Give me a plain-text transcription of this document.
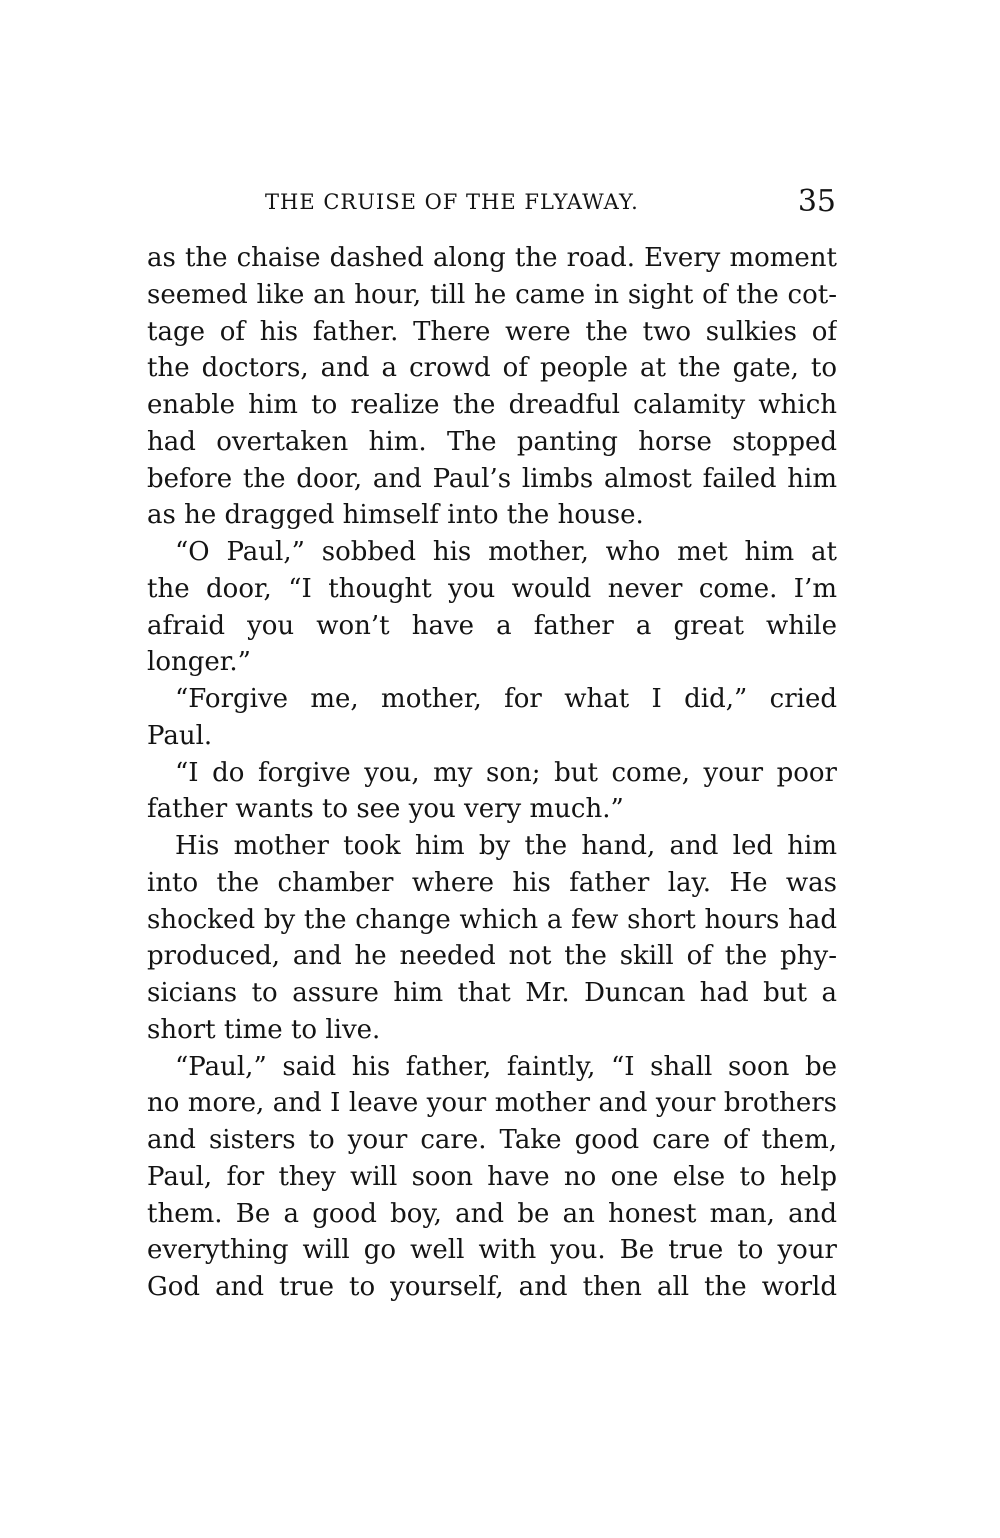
THE CRUISE OF THE FLYAWAY.	35
as the chaise dashed along the road. Every moment
seemed like an hour, till he came in sight of the cot-
tage of his father. There were the two sulkies of
the doctors, and a crowd of people at the gate, to
enable him to realize the dreadful calamity which
had overtaken him. The panting horse stopped
before the door, and Paul’s limbs almost failed him
as he dragged himself into the house.
“O Paul,” sobbed his mother, who met him at
the door, “I thought you would never come. I’m
afraid you won’t have a father a great while
longer.”
“Forgive me, mother, for what I did,” cried
Paul.
“I do forgive you, my son; but come, your poor
father wants to see you very much.”
His mother took him by the hand, and led him
into the chamber where his father lay. He was
shocked by the change which a few short hours had
produced, and he needed not the skill of the phy-
sicians to assure him that Mr. Duncan had but a
short time to live.
“Paul,” said his father, faintly, “I shall soon be
no more, and I leave your mother and your brothers
and sisters to your care. Take good care of them,
Paul, for they will soon have no one else to help
them. Be a good boy, and be an honest man, and
everything will go well with you. Be true to your
God and true to yourself, and then all the world
